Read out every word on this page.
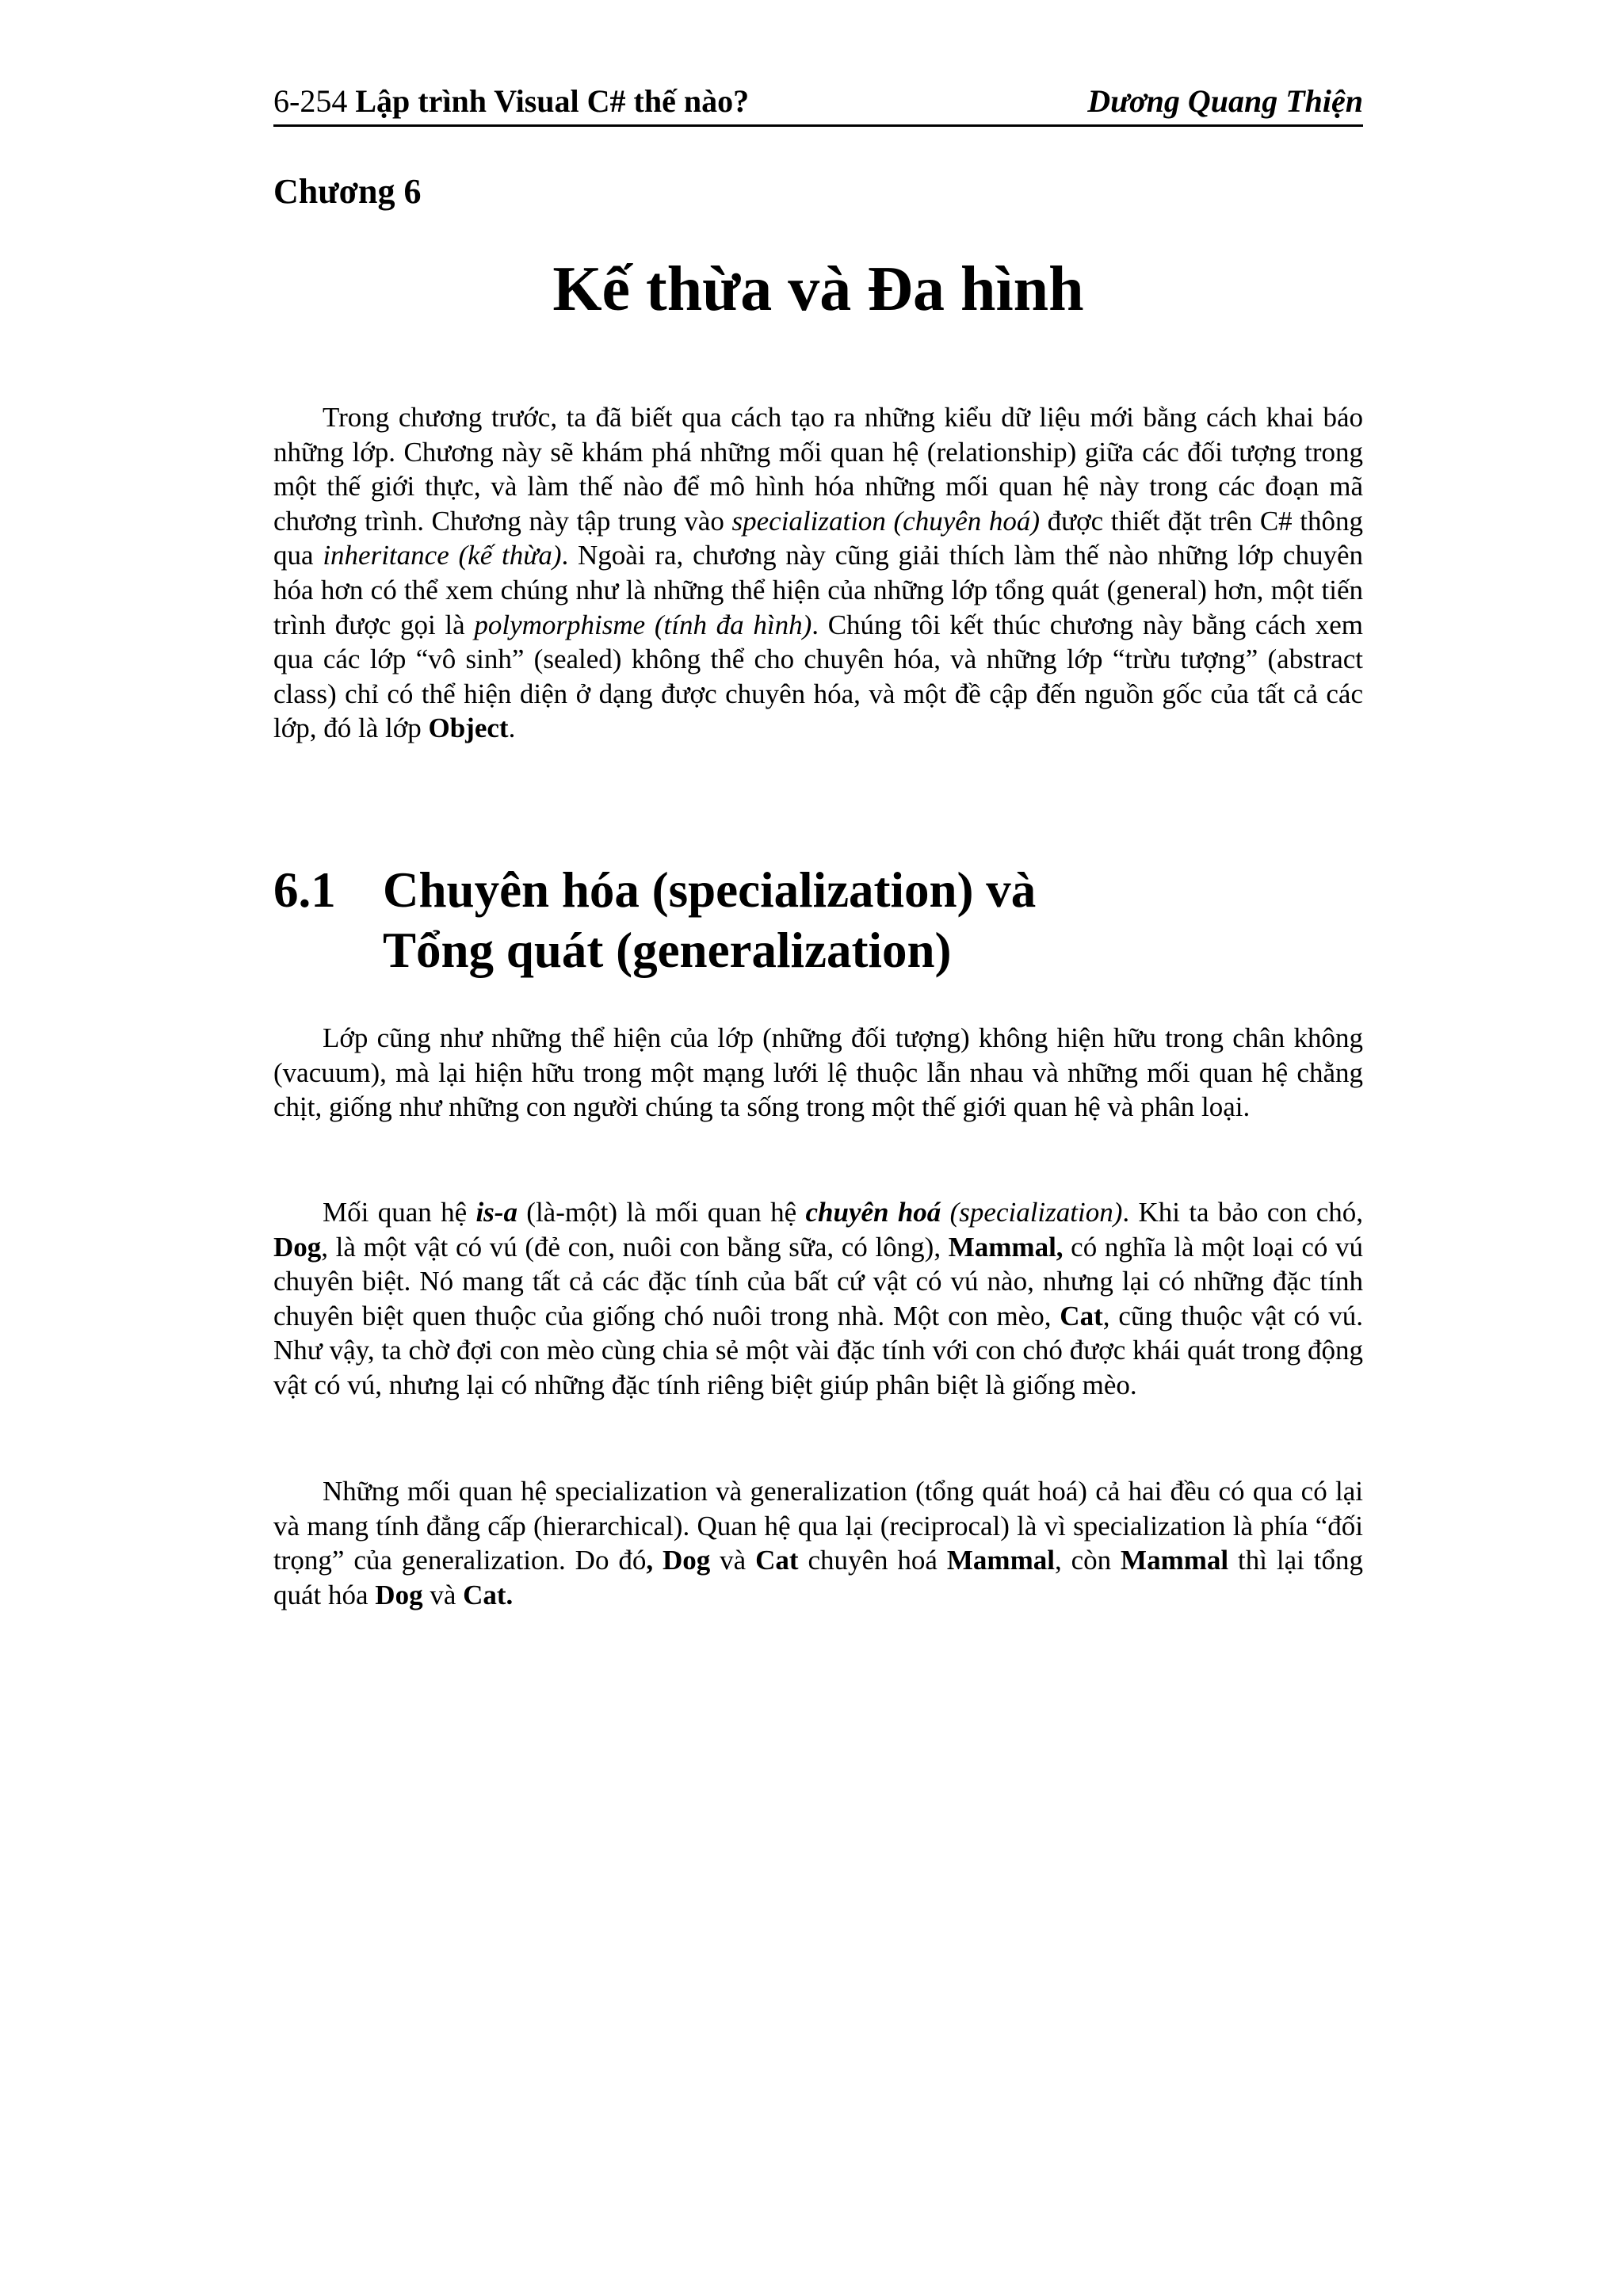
6-254 Lập trình Visual C# thế nào?	Dương Quang Thiện
Chương 6
Kế thừa và Đa hình

Trong chương trước, ta đã biết qua cách tạo ra những kiểu dữ liệu mới bằng cách khai báo những lớp. Chương này sẽ khám phá những mối quan hệ (relationship) giữa các đối tượng trong một thế giới thực, và làm thế nào để mô hình hóa những mối quan hệ này trong các đoạn mã chương trình. Chương này tập trung vào specialization (chuyên hoá) được thiết đặt trên C# thông qua inheritance (kế thừa). Ngoài ra, chương này cũng giải thích làm thế nào những lớp chuyên hóa hơn có thể xem chúng như là những thể hiện của những lớp tổng quát (general) hơn, một tiến trình được gọi là polymorphisme (tính đa hình). Chúng tôi kết thúc chương này bằng cách xem qua các lớp “vô sinh” (sealed) không thể cho chuyên hóa, và những lớp “trừu tượng” (abstract class) chỉ có thể hiện diện ở dạng được chuyên hóa, và một đề cập đến nguồn gốc của tất cả các lớp, đó là lớp Object.

6.1 Chuyên hóa (specialization) và
Tổng quát (generalization)

Lớp cũng như những thể hiện của lớp (những đối tượng) không hiện hữu trong chân không (vacuum), mà lại hiện hữu trong một mạng lưới lệ thuộc lẫn nhau và những mối quan hệ chằng chịt, giống như những con người chúng ta sống trong một thế giới quan hệ và phân loại.

Mối quan hệ is-a (là-một) là mối quan hệ chuyên hoá (specialization). Khi ta bảo con chó, Dog, là một vật có vú (đẻ con, nuôi con bằng sữa, có lông), Mammal, có nghĩa là một loại có vú chuyên biệt. Nó mang tất cả các đặc tính của bất cứ vật có vú nào, nhưng lại có những đặc tính chuyên biệt quen thuộc của giống chó nuôi trong nhà. Một con mèo, Cat, cũng thuộc vật có vú. Như vậy, ta chờ đợi con mèo cùng chia sẻ một vài đặc tính với con chó được khái quát trong động vật có vú, nhưng lại có những đặc tính riêng biệt giúp phân biệt là giống mèo.

Những mối quan hệ specialization và generalization (tổng quát hoá) cả hai đều có qua có lại và mang tính đẳng cấp (hierarchical). Quan hệ qua lại (reciprocal) là vì specialization là phía “đối trọng” của generalization. Do đó, Dog và Cat chuyên hoá Mammal, còn Mammal thì lại tổng quát hóa Dog và Cat.
